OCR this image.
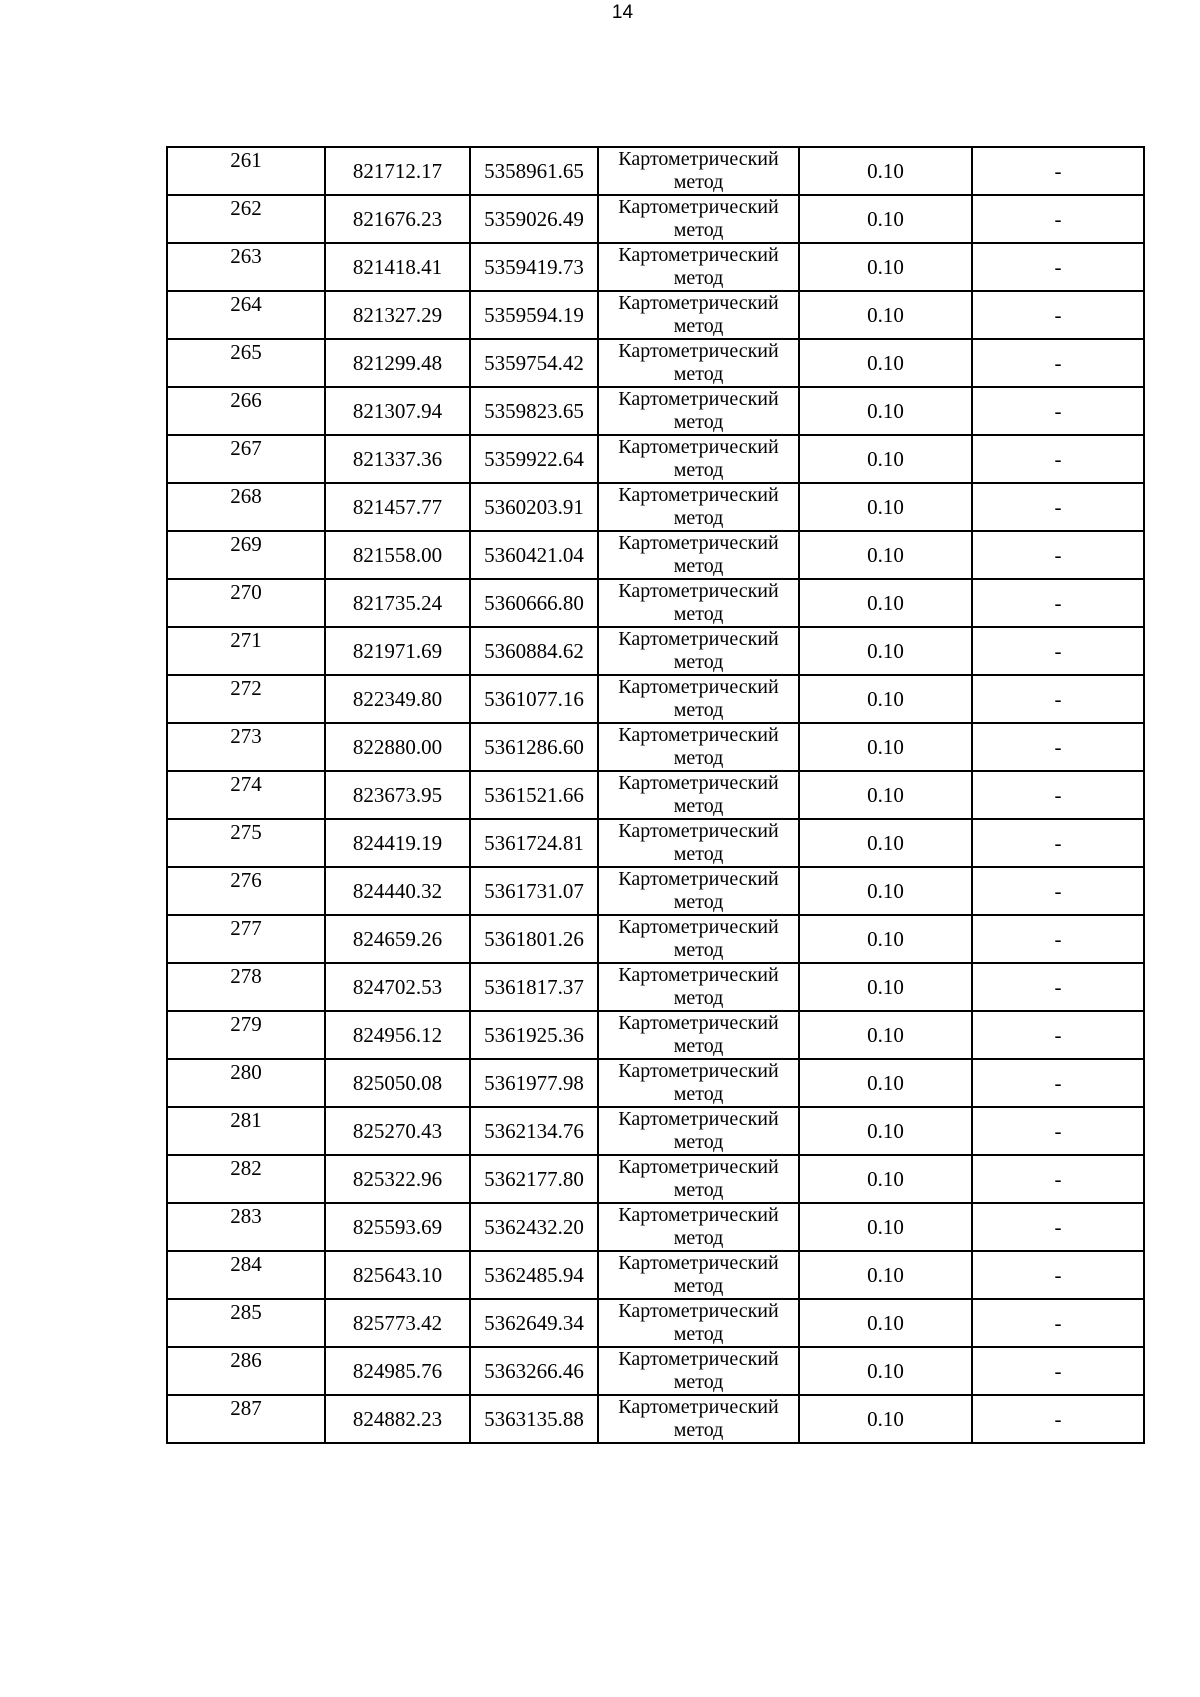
14
261	821712.17	5358961.65	Картометрический метод	0.10	-
262	821676.23	5359026.49	Картометрический метод	0.10	-
263	821418.41	5359419.73	Картометрический метод	0.10	-
264	821327.29	5359594.19	Картометрический метод	0.10	-
265	821299.48	5359754.42	Картометрический метод	0.10	-
266	821307.94	5359823.65	Картометрический метод	0.10	-
267	821337.36	5359922.64	Картометрический метод	0.10	-
268	821457.77	5360203.91	Картометрический метод	0.10	-
269	821558.00	5360421.04	Картометрический метод	0.10	-
270	821735.24	5360666.80	Картометрический метод	0.10	-
271	821971.69	5360884.62	Картометрический метод	0.10	-
272	822349.80	5361077.16	Картометрический метод	0.10	-
273	822880.00	5361286.60	Картометрический метод	0.10	-
274	823673.95	5361521.66	Картометрический метод	0.10	-
275	824419.19	5361724.81	Картометрический метод	0.10	-
276	824440.32	5361731.07	Картометрический метод	0.10	-
277	824659.26	5361801.26	Картометрический метод	0.10	-
278	824702.53	5361817.37	Картометрический метод	0.10	-
279	824956.12	5361925.36	Картометрический метод	0.10	-
280	825050.08	5361977.98	Картометрический метод	0.10	-
281	825270.43	5362134.76	Картометрический метод	0.10	-
282	825322.96	5362177.80	Картометрический метод	0.10	-
283	825593.69	5362432.20	Картометрический метод	0.10	-
284	825643.10	5362485.94	Картометрический метод	0.10	-
285	825773.42	5362649.34	Картометрический метод	0.10	-
286	824985.76	5363266.46	Картометрический метод	0.10	-
287	824882.23	5363135.88	Картометрический метод	0.10	-
